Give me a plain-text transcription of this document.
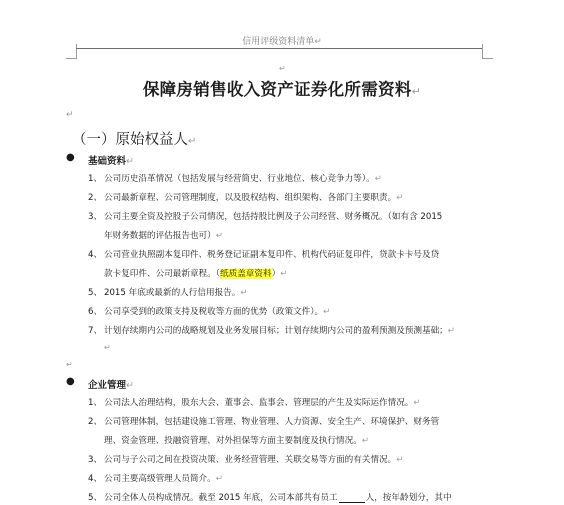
信用评级资料清单↵
↵
保障房销售收入资产证券化所需资料↵
↵
（一）原始权益人↵
● 基础资料↵
1、 公司历史沿革情况（包括发展与经营简史、行业地位、核心竞争力等）。↵
2、 公司最新章程、公司管理制度，以及股权结构、组织架构、各部门主要职责。↵
3、 公司主要全资及控股子公司情况，包括持股比例及子公司经营、财务概况。（如有含 2015
年财务数据的评估报告也可）↵
4、 公司营业执照副本复印件、税务登记证副本复印件、机构代码证复印件，贷款卡卡号及贷
款卡复印件、公司最新章程。（纸质盖章资料）↵
5、 2015 年底或最新的人行信用报告。↵
6、 公司享受到的政策支持及税收等方面的优势（政策文件）。↵
7、 计划存续期内公司的战略规划及业务发展目标；计划存续期内公司的盈利预测及预测基础；↵
↵
↵
● 企业管理↵
1、 公司法人治理结构，股东大会、董事会、监事会、管理层的产生及实际运作情况。↵
2、 公司管理体制，包括建设施工管理、物业管理、人力资源、安全生产、环境保护、财务管
理、资金管理、投融资管理、对外担保等方面主要制度及执行情况。↵
3、 公司与子公司之间在投资决策、业务经营管理、关联交易等方面的有关情况。↵
4、 公司主要高级管理人员简介。↵
5、 公司全体人员构成情况。截至 2015 年底，公司本部共有员工	人，按年龄划分，其中
